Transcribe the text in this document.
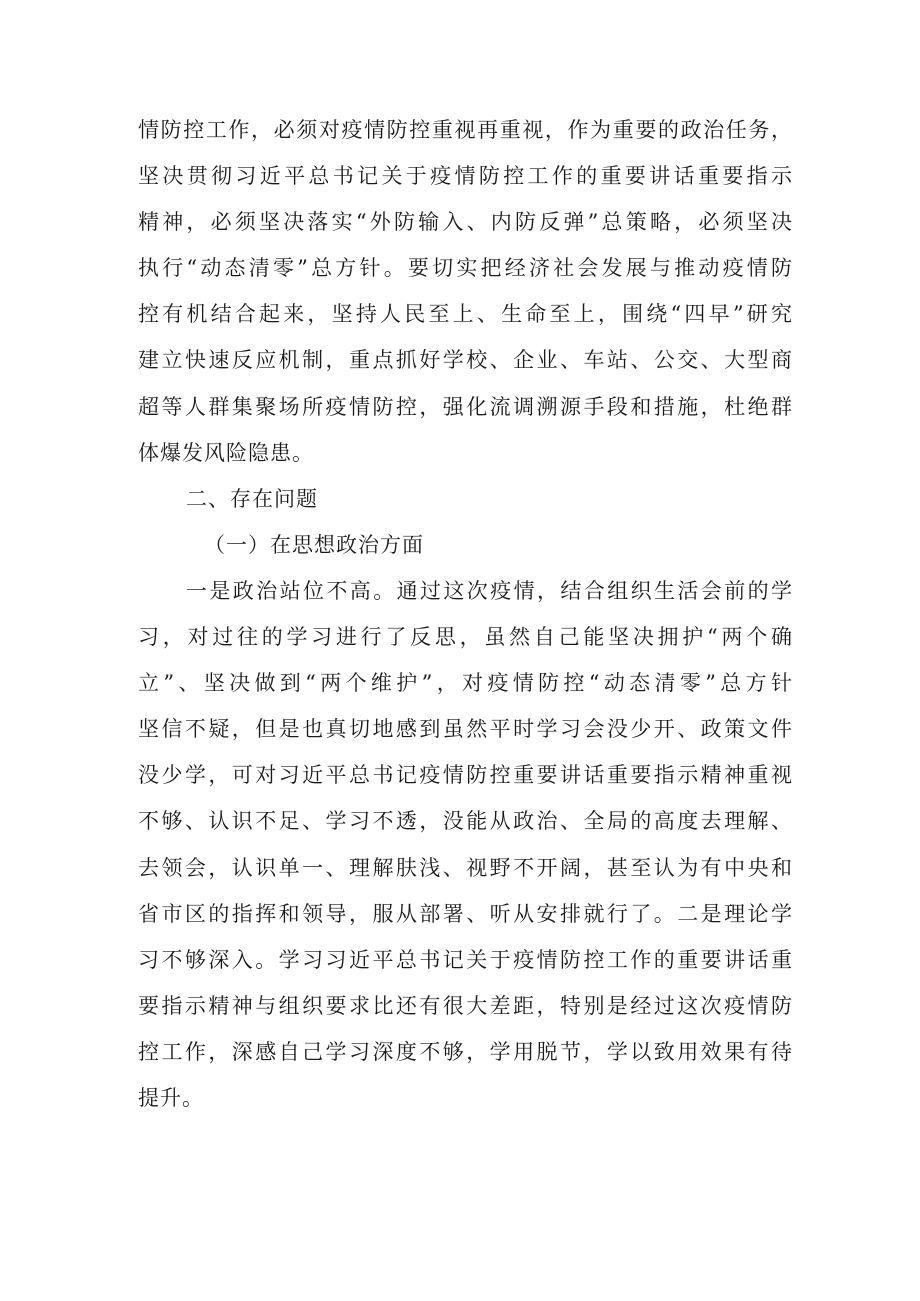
情防控工作，必须对疫情防控重视再重视，作为重要的政治任务，
坚决贯彻习近平总书记关于疫情防控工作的重要讲话重要指示
精神，必须坚决落实“外防输入、内防反弹”总策略，必须坚决
执行“动态清零”总方针。要切实把经济社会发展与推动疫情防
控有机结合起来，坚持人民至上、生命至上，围绕“四早”研究
建立快速反应机制，重点抓好学校、企业、车站、公交、大型商
超等人群集聚场所疫情防控，强化流调溯源手段和措施，杜绝群
体爆发风险隐患。
二、存在问题
（一）在思想政治方面
一是政治站位不高。通过这次疫情，结合组织生活会前的学
习，对过往的学习进行了反思，虽然自己能坚决拥护“两个确
立”、坚决做到“两个维护”，对疫情防控“动态清零”总方针
坚信不疑，但是也真切地感到虽然平时学习会没少开、政策文件
没少学，可对习近平总书记疫情防控重要讲话重要指示精神重视
不够、认识不足、学习不透，没能从政治、全局的高度去理解、
去领会，认识单一、理解肤浅、视野不开阔，甚至认为有中央和
省市区的指挥和领导，服从部署、听从安排就行了。二是理论学
习不够深入。学习习近平总书记关于疫情防控工作的重要讲话重
要指示精神与组织要求比还有很大差距，特别是经过这次疫情防
控工作，深感自己学习深度不够，学用脱节，学以致用效果有待
提升。
